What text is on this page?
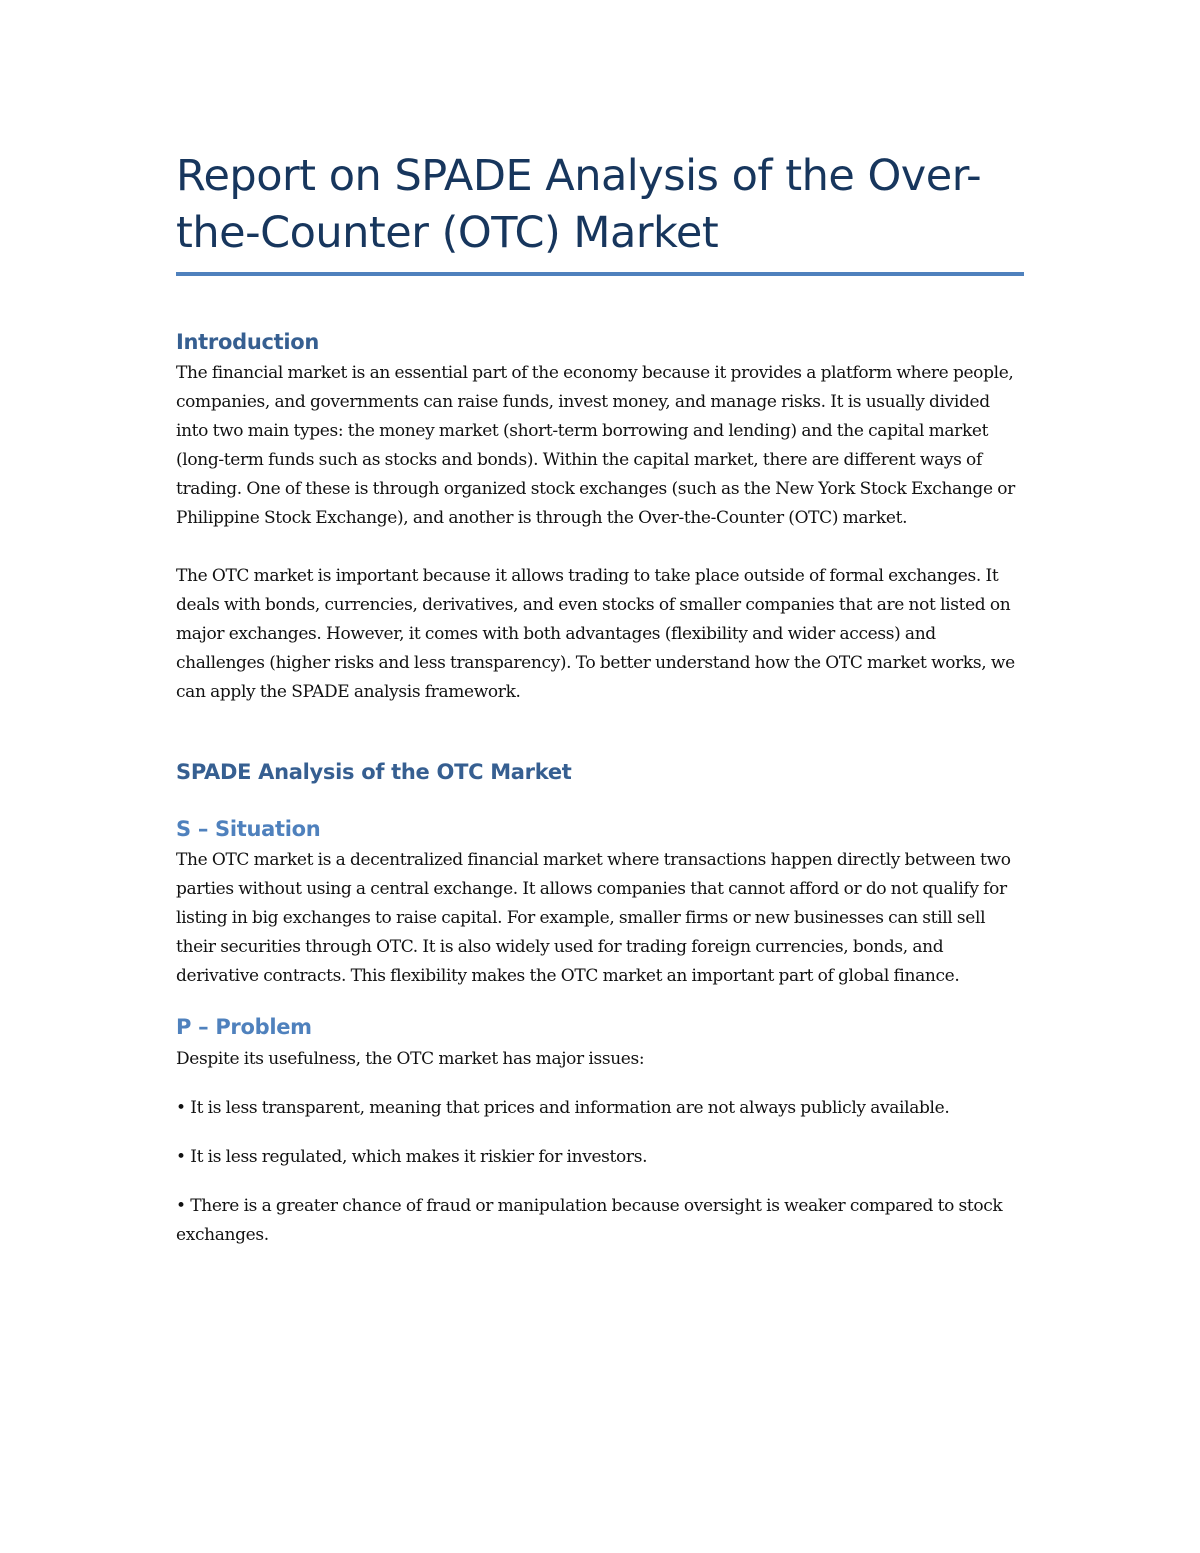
Report on SPADE Analysis of the Over-the-Counter (OTC) Market
Introduction

The financial market is an essential part of the economy because it provides a platform where people, companies, and governments can raise funds, invest money, and manage risks. It is usually divided into two main types: the money market (short-term borrowing and lending) and the capital market (long-term funds such as stocks and bonds). Within the capital market, there are different ways of trading. One of these is through organized stock exchanges (such as the New York Stock Exchange or Philippine Stock Exchange), and another is through the Over-the-Counter (OTC) market.

The OTC market is important because it allows trading to take place outside of formal exchanges. It deals with bonds, currencies, derivatives, and even stocks of smaller companies that are not listed on major exchanges. However, it comes with both advantages (flexibility and wider access) and challenges (higher risks and less transparency). To better understand how the OTC market works, we can apply the SPADE analysis framework.

SPADE Analysis of the OTC Market
S – Situation

The OTC market is a decentralized financial market where transactions happen directly between two parties without using a central exchange. It allows companies that cannot afford or do not qualify for listing in big exchanges to raise capital. For example, smaller firms or new businesses can still sell their securities through OTC. It is also widely used for trading foreign currencies, bonds, and derivative contracts. This flexibility makes the OTC market an important part of global finance.

P – Problem

Despite its usefulness, the OTC market has major issues:

• It is less transparent, meaning that prices and information are not always publicly available.

• It is less regulated, which makes it riskier for investors.

• There is a greater chance of fraud or manipulation because oversight is weaker compared to stock exchanges.
